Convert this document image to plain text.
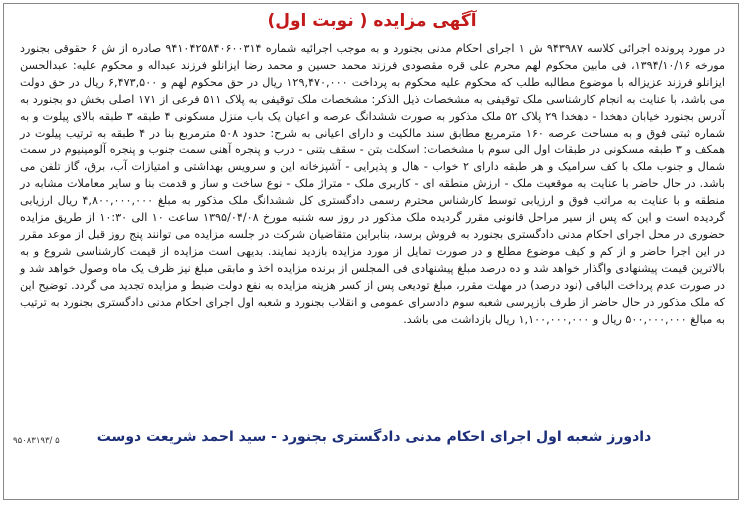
آگهی مزایده ( نوبت اول)
در مورد پرونده اجرائی کلاسه ۹۴۳۹۸۷ ش ۱ اجرای احکام مدنی بجنورد و به موجب اجرائیه شماره ۹۴۱۰۴۲۵۸۴۰۶۰۰۳۱۴ صادره از ش ۶ حقوقی بجنورد مورخه ۱۳۹۴/۱۰/۱۶، فی مابین محکوم لهم محرم علی قره مقصودی فرزند محمد حسین و محمد رضا ایزانلو فرزند عبداله و محکوم علیه: عبدالحسن ایزانلو فرزند عزیزاله با موضوع مطالبه طلب که محکوم علیه محکوم به پرداخت ۱۲۹,۴۷۰,۰۰۰ ریال در حق محکوم لهم و ۶,۴۷۳,۵۰۰ ریال در حق دولت می باشد، با عنایت به انجام کارشناسی ملک توقیفی به مشخصات ذیل الذکر: مشخصات ملک توقیفی به پلاک ۵۱۱ فرعی از ۱۷۱ اصلی بخش دو بجنورد به آدرس بجنورد خیابان دهخدا - دهخدا ۲۹ پلاک ۵۲ ملک مذکور به صورت ششدانگ عرصه و اعیان یک باب منزل مسکونی ۴ طبقه ۳ طبقه بالای پیلوت و به شماره ثبتی فوق و به مساحت عرصه ۱۶۰ مترمربع مطابق سند مالکیت و دارای اعیانی به شرح: حدود ۵۰۸ مترمربع بنا در ۴ طبقه به ترتیب پیلوت در همکف و ۳ طبقه مسکونی در طبقات اول الی سوم با مشخصات: اسکلت بتن - سقف بتنی - درب و پنجره آهنی سمت جنوب و پنجره آلومینیوم در سمت شمال و جنوب ملک با کف سرامیک و هر طبقه دارای ۲ خواب - هال و پذیرایی - آشپزخانه این و سرویس بهداشتی و امتیازات آب، برق، گاز تلفن می باشد. در حال حاضر با عنایت به موقعیت ملک - ارزش منطقه ای - کاربری ملک - متراژ ملک - نوع ساخت و ساز و قدمت بنا و سایر معاملات مشابه در منطقه و با عنایت به مراتب فوق و ارزیابی توسط کارشناس محترم رسمی دادگستری کل ششدانگ ملک مذکور به مبلغ ۴,۸۰۰,۰۰۰,۰۰۰ ریال ارزیابی گردیده است و این که پس از سیر مراحل قانونی مقرر گردیده ملک مذکور در روز سه شنبه مورخ ۱۳۹۵/۰۴/۰۸ ساعت ۱۰ الی ۱۰:۳۰ از طریق مزایده حضوری در محل اجرای احکام مدنی دادگستری بجنورد به فروش برسد، بنابراین متقاضیان شرکت در جلسه مزایده می توانند پنج روز قبل از موعد مقرر در این اجرا حاضر و از کم و کیف موضوع مطلع و در صورت تمایل از مورد مزایده بازدید نمایند. بدیهی است مزایده از قیمت کارشناسی شروع و به بالاترین قیمت پیشنهادی واگذار خواهد شد و ده درصد مبلغ پیشنهادی فی المجلس از برنده مزایده اخذ و مابقی مبلغ نیز ظرف یک ماه وصول خواهد شد و در صورت عدم پرداخت الباقی (نود درصد) در مهلت مقرر، مبلغ تودیعی پس از کسر هزینه مزایده به نفع دولت ضبط و مزایده تجدید می گردد. توضیح این که ملک مذکور در حال حاضر از طرف بازپرسی شعبه سوم دادسرای عمومی و انقلاب بجنورد و شعبه اول اجرای احکام مدنی دادگستری بجنورد به ترتیب به مبالغ ۵۰۰,۰۰۰,۰۰۰ ریال و ۱,۱۰۰,۰۰۰,۰۰۰ ریال بازداشت می باشد.
۹۵۰۸۳۱۹۳/ ۵	دادورز شعبه اول اجرای احکام مدنی دادگستری بجنورد - سید احمد شریعت دوست
